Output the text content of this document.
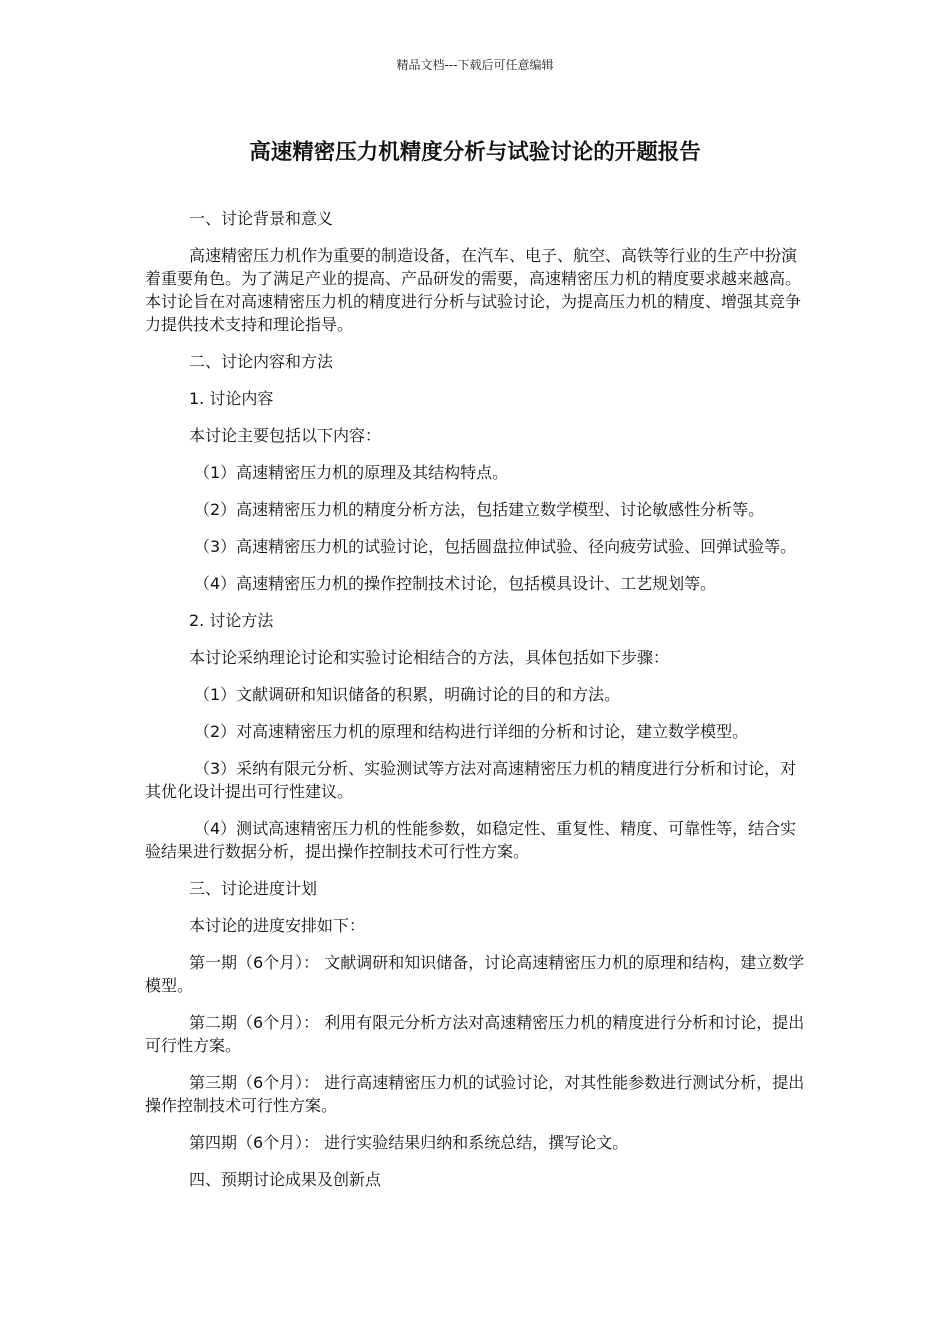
精品文档---下载后可任意编辑
高速精密压力机精度分析与试验讨论的开题报告

一、讨论背景和意义

高速精密压力机作为重要的制造设备，在汽车、电子、航空、高铁等行业的生产中扮演着重要角色。为了满足产业的提高、产品研发的需要，高速精密压力机的精度要求越来越高。本讨论旨在对高速精密压力机的精度进行分析与试验讨论，为提高压力机的精度、增强其竞争力提供技术支持和理论指导。

二、讨论内容和方法

1. 讨论内容

本讨论主要包括以下内容：

（1）高速精密压力机的原理及其结构特点。

（2）高速精密压力机的精度分析方法，包括建立数学模型、讨论敏感性分析等。

（3）高速精密压力机的试验讨论，包括圆盘拉伸试验、径向疲劳试验、回弹试验等。

（4）高速精密压力机的操作控制技术讨论，包括模具设计、工艺规划等。

2. 讨论方法

本讨论采纳理论讨论和实验讨论相结合的方法，具体包括如下步骤：

（1）文献调研和知识储备的积累，明确讨论的目的和方法。

（2）对高速精密压力机的原理和结构进行详细的分析和讨论，建立数学模型。

（3）采纳有限元分析、实验测试等方法对高速精密压力机的精度进行分析和讨论，对其优化设计提出可行性建议。

（4）测试高速精密压力机的性能参数，如稳定性、重复性、精度、可靠性等，结合实验结果进行数据分析，提出操作控制技术可行性方案。

三、讨论进度计划

本讨论的进度安排如下：

第一期（6个月）： 文献调研和知识储备，讨论高速精密压力机的原理和结构，建立数学模型。

第二期（6个月）： 利用有限元分析方法对高速精密压力机的精度进行分析和讨论，提出可行性方案。

第三期（6个月）： 进行高速精密压力机的试验讨论，对其性能参数进行测试分析，提出操作控制技术可行性方案。

第四期（6个月）： 进行实验结果归纳和系统总结，撰写论文。

四、预期讨论成果及创新点
